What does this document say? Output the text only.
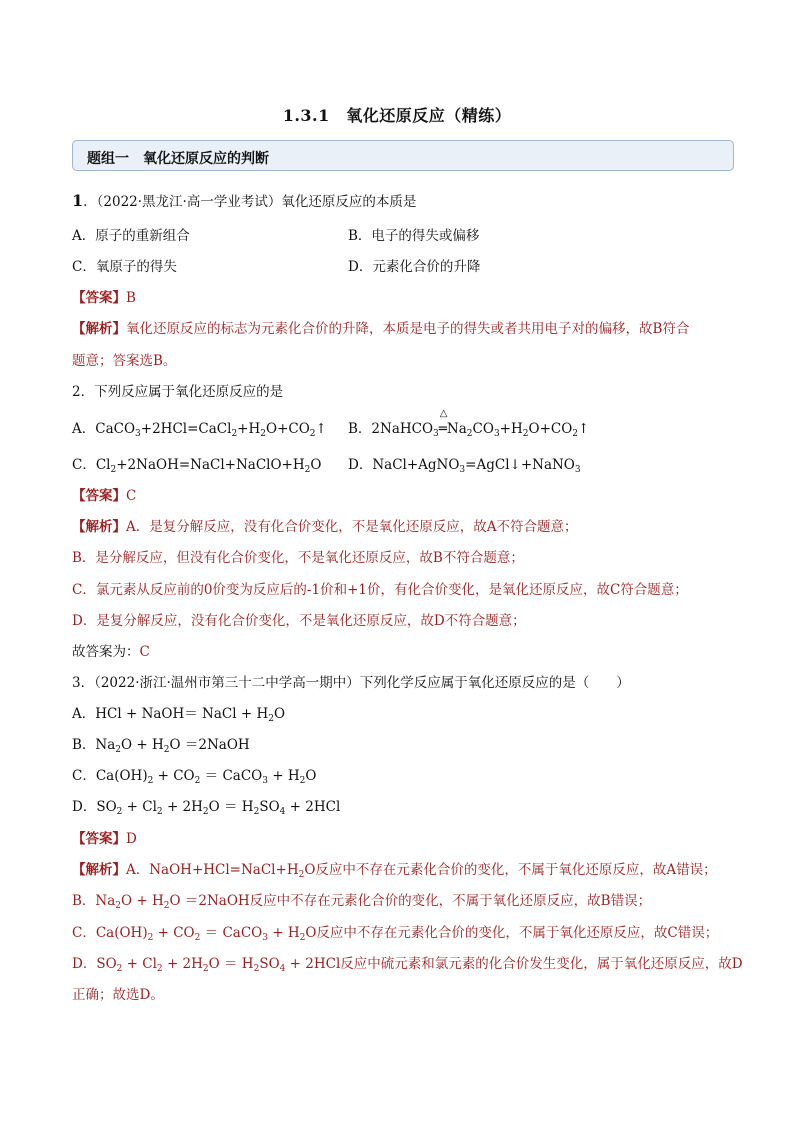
1.3.1　氧化还原反应（精练）
题组一　氧化还原反应的判断
1．（2022·黑龙江·高一学业考试）氧化还原反应的本质是
A．原子的重新组合	B．电子的得失或偏移
C．氧原子的得失	D．元素化合价的升降
【答案】B
【解析】氧化还原反应的标志为元素化合价的升降，本质是电子的得失或者共用电子对的偏移，故B符合
题意；答案选B。
2．下列反应属于氧化还原反应的是
A．$CaCO_3+2HCl=CaCl_2+H_2O+CO_2↑$ B．2NaHCO$_3$
△
$═Na_2CO_3+H_2O+CO_2↑$
C．$Cl_2+2NaOH=NaCl+NaClO+H_2O$ D．NaCl+AgNO$_3$=AgCl↓+NaNO$_3$
【答案】C
【解析】A．是复分解反应，没有化合价变化，不是氧化还原反应，故A不符合题意；
B．是分解反应，但没有化合价变化，不是氧化还原反应，故B不符合题意；
C．氯元素从反应前的0价变为反应后的-1价和+1价，有化合价变化，是氧化还原反应，故C符合题意；
D．是复分解反应，没有化合价变化，不是氧化还原反应，故D不符合题意；
故答案为：C
3．（2022·浙江·温州市第三十二中学高一期中）下列化学反应属于氧化还原反应的是（　　）
A．HCl + NaOH＝ NaCl + $H_2O$
B．$Na_2O + H_2O$ ＝2NaOH
C．$Ca(OH)_2 + CO_2$ ＝ CaCO$_3$ + $H_2O$
D．$SO_2 + Cl_2 + 2H_2O = H_2SO_4 + 2HCl$
【答案】D
【解析】A．$NaOH+HCl=NaCl+H_2O$反应中不存在元素化合价的变化，不属于氧化还原反应，故A错误；
B．$Na_2O + H_2O$ ＝2NaOH反应中不存在元素化合价的变化，不属于氧化还原反应，故B错误；
C．$Ca(OH)_2 + CO_2$ ＝ CaCO$_3$ + $H_2O$反应中不存在元素化合价的变化，不属于氧化还原反应，故C错误；
D．$SO_2 + Cl_2 + 2H_2O = H_2SO_4 + 2HCl$反应中硫元素和氯元素的化合价发生变化，属于氧化还原反应，故D
正确；故选D。
